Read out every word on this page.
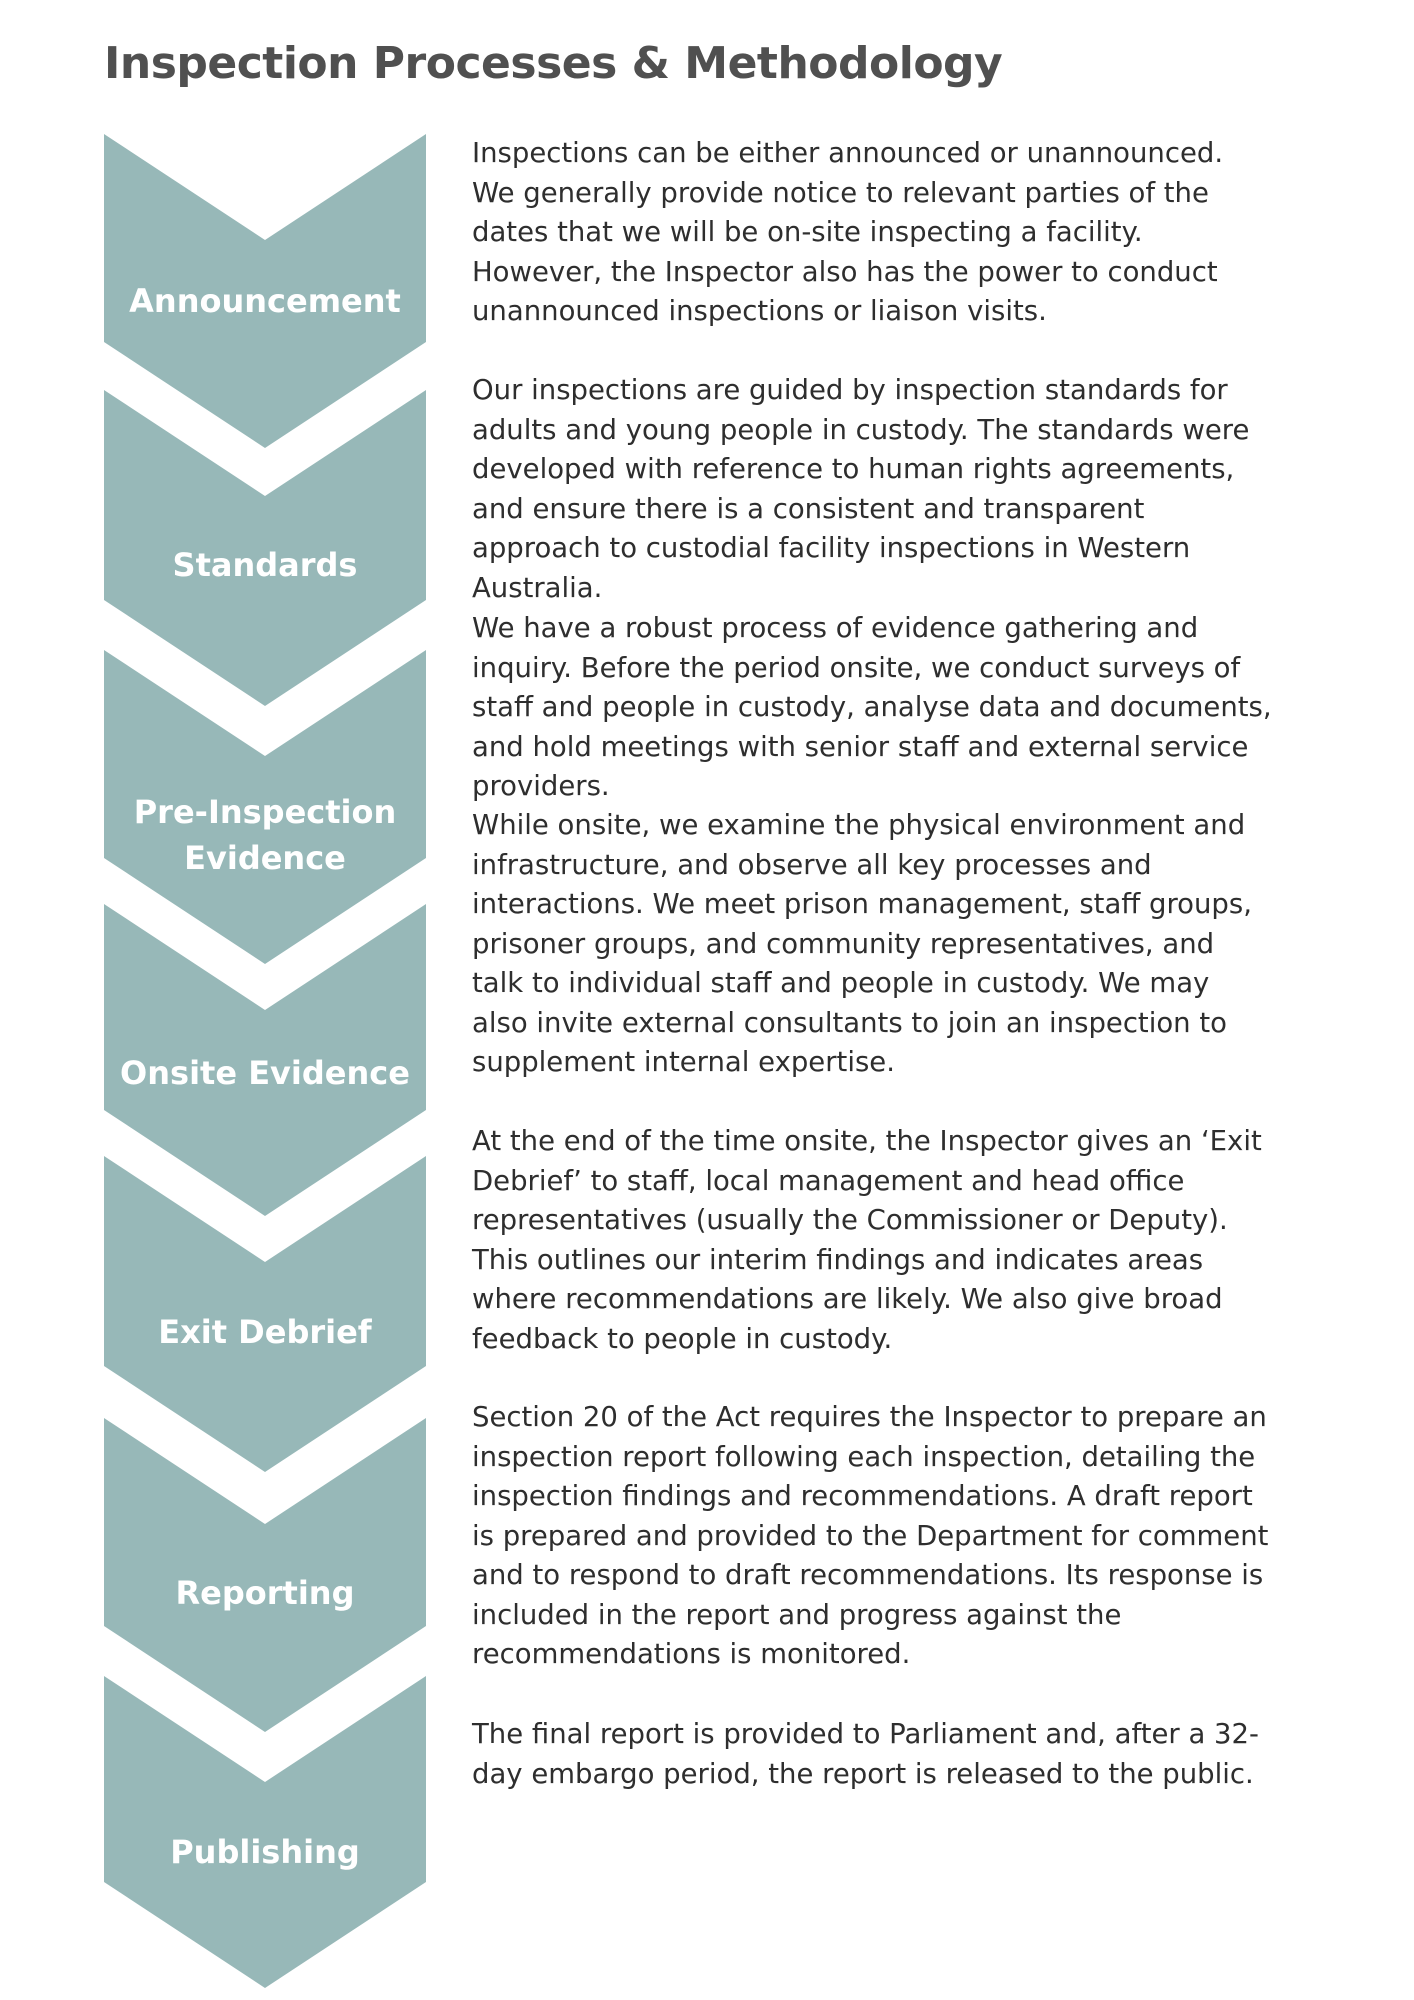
Inspection Processes & Methodology
Announcement
Standards
Pre-Inspection
Evidence
Onsite Evidence
Exit Debrief
Reporting
Publishing

Inspections can be either announced or unannounced. We generally provide notice to relevant parties of the dates that we will be on-site inspecting a facility. However, the Inspector also has the power to conduct unannounced inspections or liaison visits.

Our inspections are guided by inspection standards for adults and young people in custody. The standards were developed with reference to human rights agreements, and ensure there is a consistent and transparent approach to custodial facility inspections in Western Australia.

We have a robust process of evidence gathering and inquiry. Before the period onsite, we conduct surveys of staff and people in custody, analyse data and documents, and hold meetings with senior staff and external service providers.

While onsite, we examine the physical environment and infrastructure, and observe all key processes and interactions. We meet prison management, staff groups, prisoner groups, and community representatives, and talk to individual staff and people in custody. We may also invite external consultants to join an inspection to supplement internal expertise.

At the end of the time onsite, the Inspector gives an ‘Exit Debrief’ to staff, local management and head office representatives (usually the Commissioner or Deputy). This outlines our interim findings and indicates areas where recommendations are likely. We also give broad feedback to people in custody.

Section 20 of the Act requires the Inspector to prepare an inspection report following each inspection, detailing the inspection findings and recommendations. A draft report is prepared and provided to the Department for comment and to respond to draft recommendations. Its response is included in the report and progress against the recommendations is monitored.

The final report is provided to Parliament and, after a 32-day embargo period, the report is released to the public.
